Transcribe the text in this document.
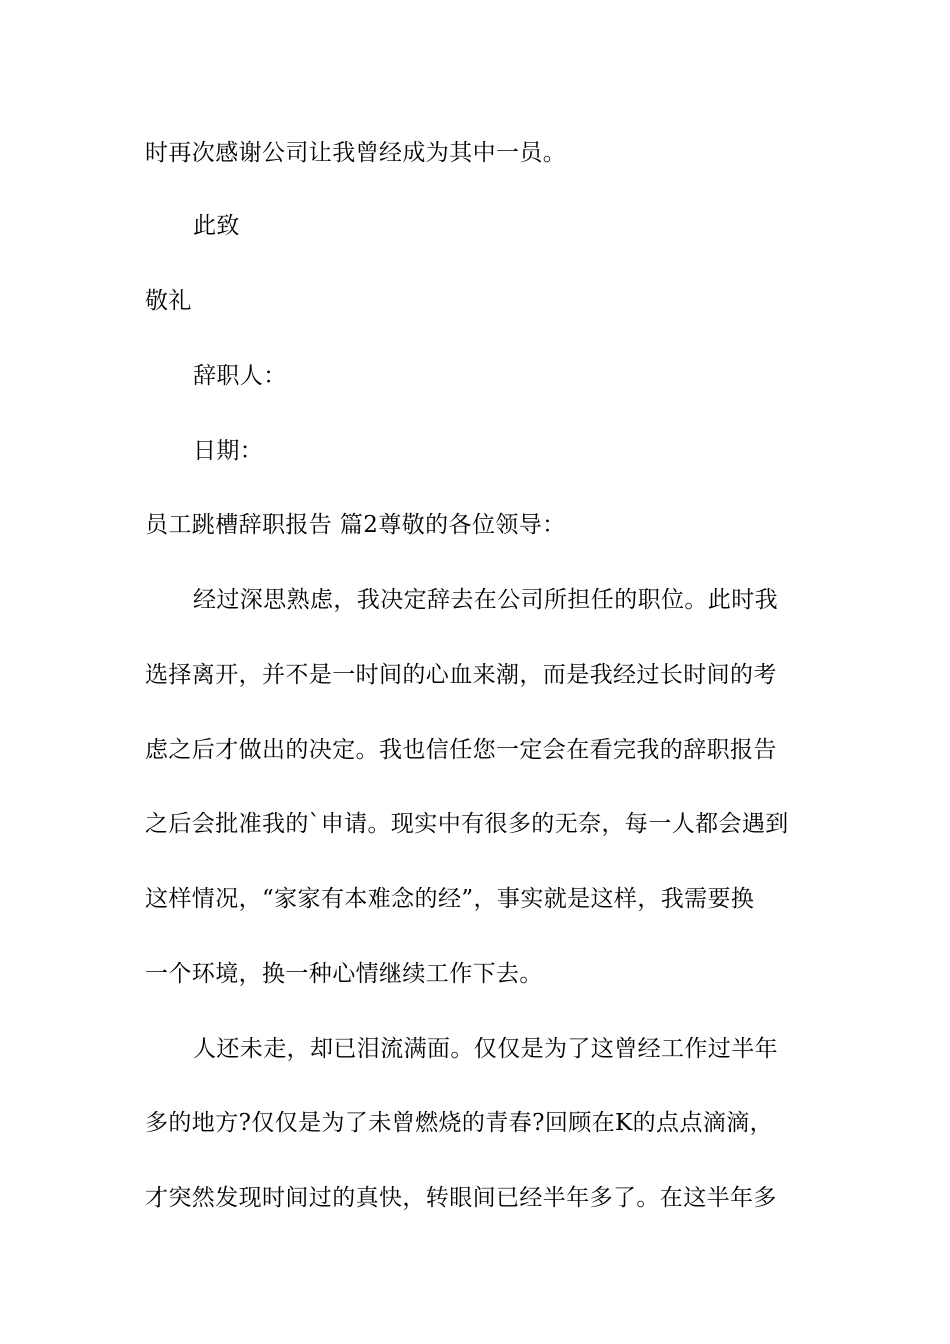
时再次感谢公司让我曾经成为其中一员。
此致
敬礼
辞职人：
日期：
员工跳槽辞职报告 篇2尊敬的各位领导：
经过深思熟虑，我决定辞去在公司所担任的职位。此时我
选择离开，并不是一时间的心血来潮，而是我经过长时间的考
虑之后才做出的决定。我也信任您一定会在看完我的辞职报告
之后会批准我的`申请。现实中有很多的无奈，每一人都会遇到
这样情况，“家家有本难念的经”，事实就是这样，我需要换
一个环境，换一种心情继续工作下去。
人还未走，却已泪流满面。仅仅是为了这曾经工作过半年
多的地方?仅仅是为了未曾燃烧的青春?回顾在K的点点滴滴，
才突然发现时间过的真快，转眼间已经半年多了。在这半年多
